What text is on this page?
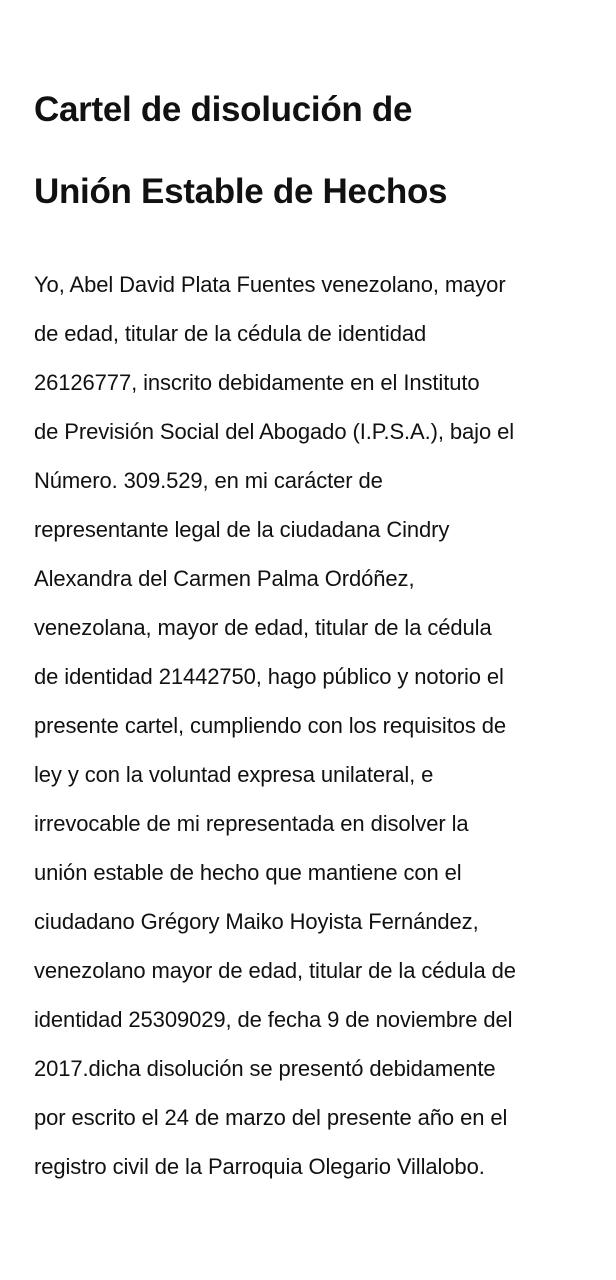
Cartel de disolución de
Unión Estable de Hechos
Yo, Abel David Plata Fuentes venezolano, mayor
de edad, titular de la cédula de identidad
26126777, inscrito debidamente en el Instituto
de Previsión Social del Abogado (I.P.S.A.), bajo el
Número. 309.529, en mi carácter de
representante legal de la ciudadana Cindry
Alexandra del Carmen Palma Ordóñez,
venezolana, mayor de edad, titular de la cédula
de identidad 21442750, hago público y notorio el
presente cartel, cumpliendo con los requisitos de
ley y con la voluntad expresa unilateral, e
irrevocable de mi representada en disolver la
unión estable de hecho que mantiene con el
ciudadano Grégory Maiko Hoyista Fernández,
venezolano mayor de edad, titular de la cédula de
identidad 25309029, de fecha 9 de noviembre del
2017.dicha disolución se presentó debidamente
por escrito el 24 de marzo del presente año en el
registro civil de la Parroquia Olegario Villalobo.
